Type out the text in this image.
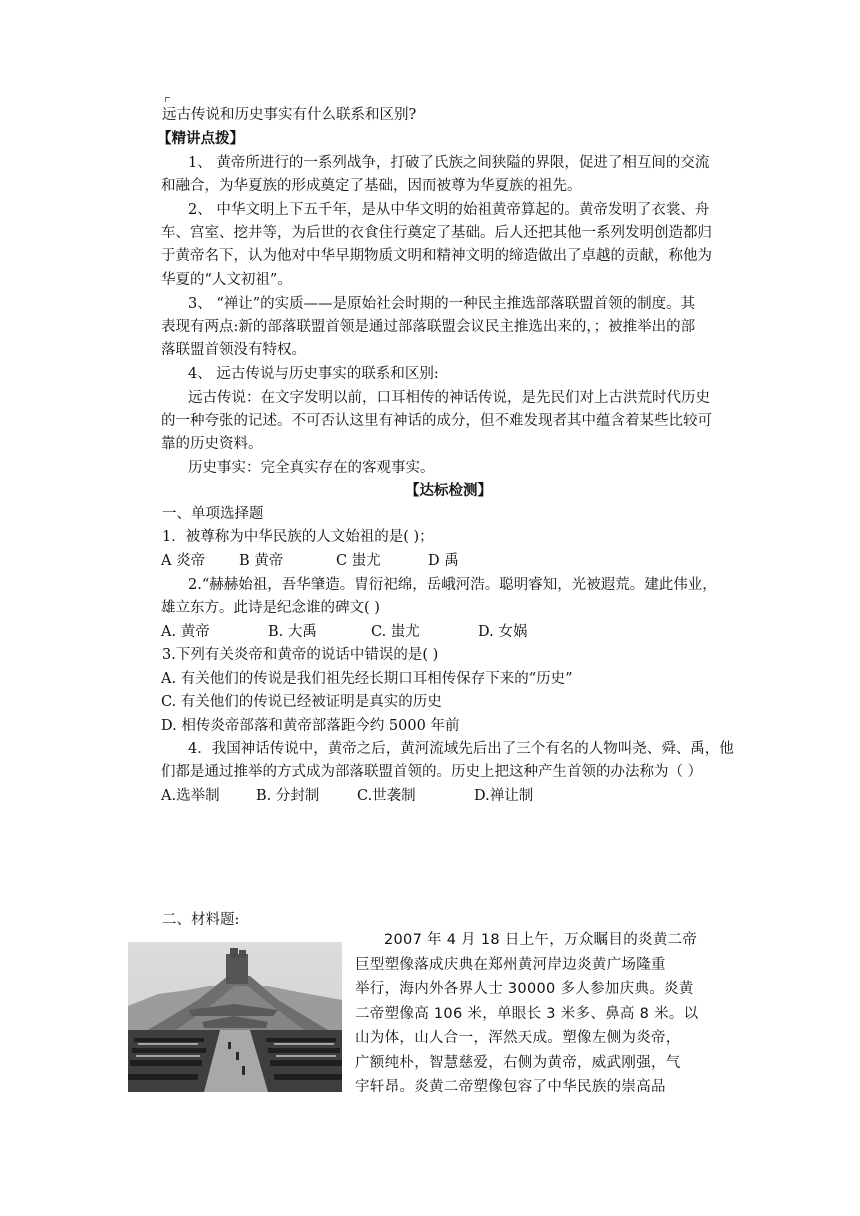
远古传说和历史事实有什么联系和区别?
【精讲点拨】
1、 黄帝所进行的一系列战争，打破了氏族之间狭隘的界限，促进了相互间的交流
和融合，为华夏族的形成奠定了基础，因而被尊为华夏族的祖先。
2、 中华文明上下五千年，是从中华文明的始祖黄帝算起的。黄帝发明了衣裳、舟
车、宫室、挖井等，为后世的衣食住行奠定了基础。后人还把其他一系列发明创造都归
于黄帝名下，认为他对中华早期物质文明和精神文明的缔造做出了卓越的贡献，称他为
华夏的“人文初祖”。
3、 “禅让”的实质——是原始社会时期的一种民主推选部落联盟首领的制度。其
表现有两点:新的部落联盟首领是通过部落联盟会议民主推选出来的，；被推举出的部
落联盟首领没有特权。
4、 远古传说与历史事实的联系和区别:
远古传说：在文字发明以前，口耳相传的神话传说，是先民们对上古洪荒时代历史
的一种夸张的记述。不可否认这里有神话的成分，但不难发现者其中蕴含着某些比较可
靠的历史资料。
历史事实：完全真实存在的客观事实。
【达标检测】
一、单项选择题
1．被尊称为中华民族的人文始祖的是( )；
A 炎帝 B 黄帝	C 蚩尤	D 禹
2.“赫赫始祖，吾华肇造。胄衍祀绵，岳峨河浩。聪明睿知，光被遐荒。建此伟业，
雄立东方。此诗是纪念谁的碑文( )
A. 黄帝	B. 大禹	C. 蚩尤	D. 女娲
3.下列有关炎帝和黄帝的说话中错误的是( )
A. 有关他们的传说是我们祖先经长期口耳相传保存下来的“历史”
C. 有关他们的传说已经被证明是真实的历史
D. 相传炎帝部落和黄帝部落距今约 5000 年前
4．我国神话传说中，黄帝之后，黄河流域先后出了三个有名的人物叫尧、舜、禹，他
们都是通过推举的方式成为部落联盟首领的。历史上把这种产生首领的办法称为（ ）
A.选举制	B. 分封制	C.世袭制	D.禅让制
二、材料题:
2007 年 4 月 18 日上午，万众瞩目的炎黄二帝
巨型塑像落成庆典在郑州黄河岸边炎黄广场隆重
举行，海内外各界人士 30000 多人参加庆典。炎黄
二帝塑像高 106 米，单眼长 3 米多、鼻高 8 米。以
山为体，山人合一，浑然天成。塑像左侧为炎帝，
广额纯朴，智慧慈爱，右侧为黄帝，威武刚强，气
宇轩昂。炎黄二帝塑像包容了中华民族的崇高品
